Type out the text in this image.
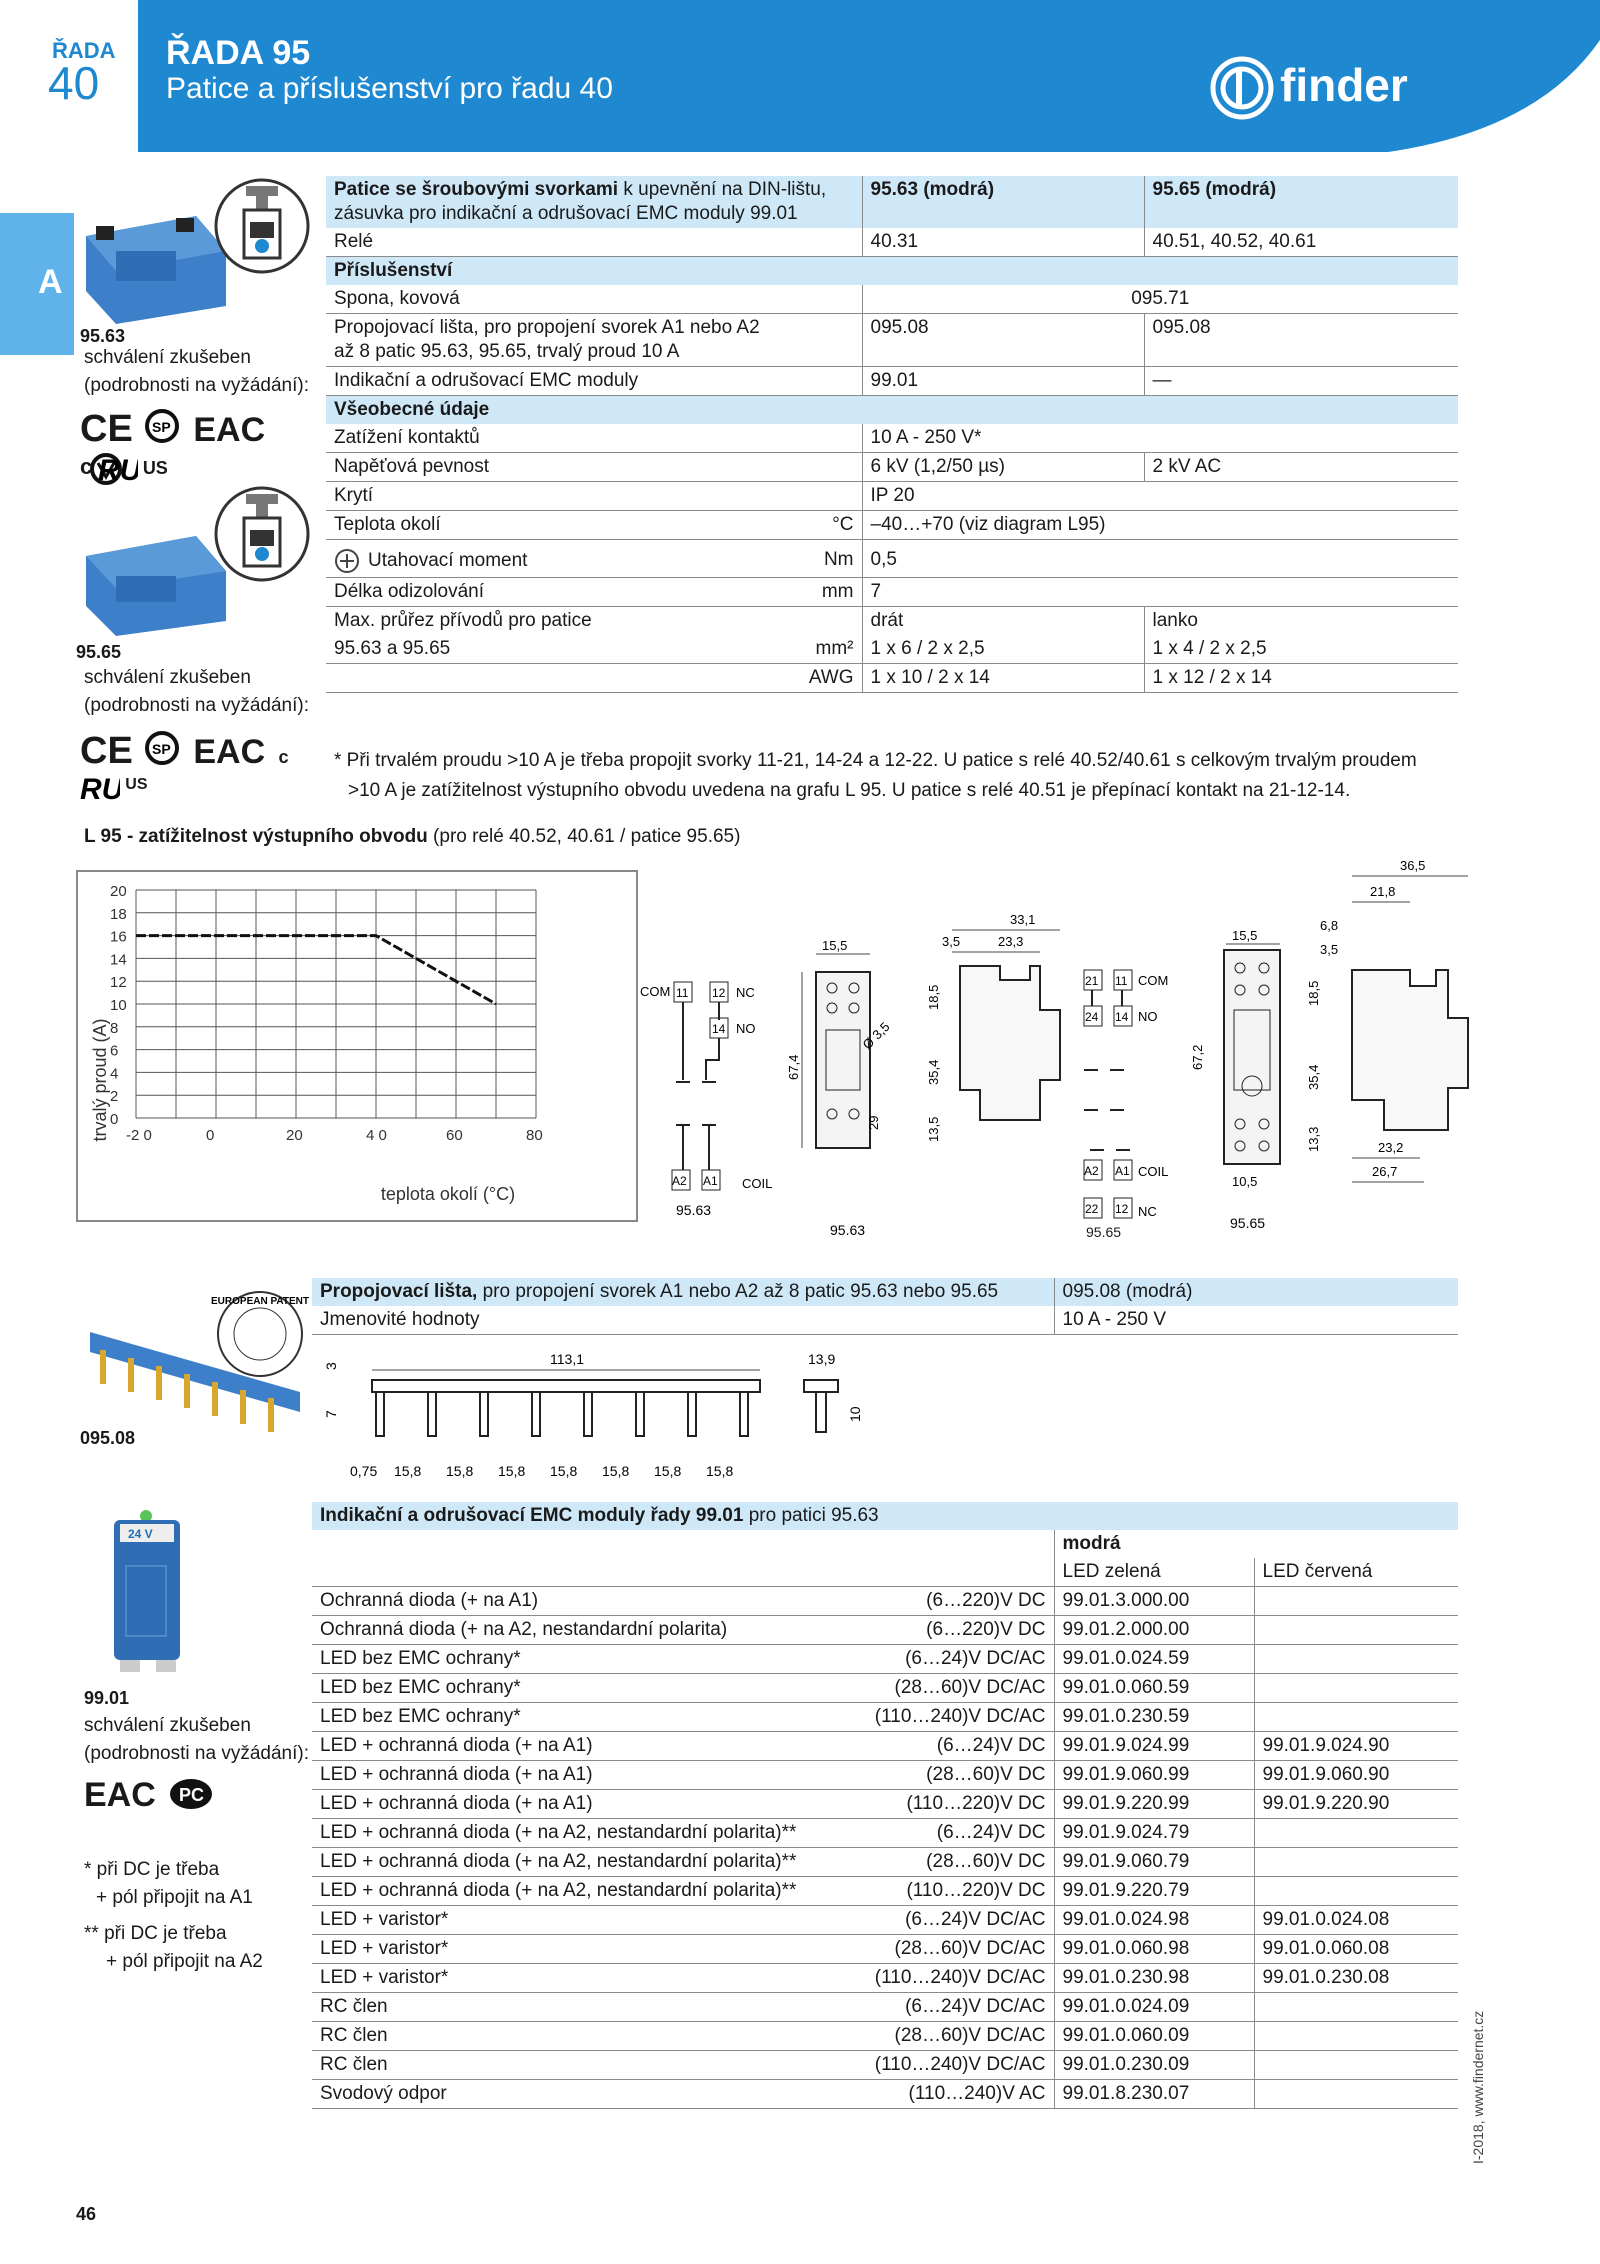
ŘADA
40
ŘADA 95
Patice a příslušenství pro řadu 40	finder
A
95.63
schválení zkušeben
(podrobnosti na vyžádání):
CE SP EAC
c RU US
95.65
schválení zkušeben
(podrobnosti na vyžádání):
CE SP EAC c
RU US
Patice se šroubovými svorkami k upevnění na DIN-lištu,
zásuvka pro indikační a odrušovací EMC moduly 99.01		95.63 (modrá)	95.65 (modrá)
Relé		40.31	40.51, 40.52, 40.61
Příslušenství			
Spona, kovová		095.71	
Propojovací lišta, pro propojení svorek A1 nebo A2
až 8 patic 95.63, 95.65, trvalý proud 10 A		095.08	095.08
Indikační a odrušovací EMC moduly		99.01	—
Všeobecné údaje			
Zatížení kontaktů		10 A - 250 V*	
Napěťová pevnost		6 kV (1,2/50 µs)	2 kV AC
Krytí		IP 20	
Teplota okolí	°C	–40…+70 (viz diagram L95)	
Utahovací moment	Nm	0,5	
Délka odizolování	mm	7	
Max. průřez přívodů pro patice		drát	lanko
95.63 a 95.65	mm²	1 x 6 / 2 x 2,5	1 x 4 / 2 x 2,5
	AWG	1 x 10 / 2 x 14	1 x 12 / 2 x 14
* Při trvalém proudu >10 A je třeba propojit svorky 11-21, 14-24 a 12-22. U patice s relé 40.52/40.61 s celkovým trvalým proudem
>10 A je zatížitelnost výstupního obvodu uvedena na grafu L 95. U patice s relé 40.51 je přepínací kontakt na 21-12-14.
L 95 - zatížitelnost výstupního obvodu (pro relé 40.52, 40.61 / patice 95.65)
0
2
4
6
8
10
12
14
16
18
20
-2 0	0	20	4 0	60	80
trvalý proud (A)
teplota okolí (°C)
COM 11 12 NC
14 NO
A2 A1 COIL
95.63
15,5
67,4
29
Ø 3,5
95.63
33,1
3,5	23,3
18,5
35,4
13,5
21 11 COM
24 14 NO
A2 A1 COIL
22 12 NC
95.65
15,5
67,2
10,5
95.65
36,5
21,8
6,8
3,5
18,5
35,4
13,3	23,2
26,7
EUROPEAN PATENT
095.08
Propojovací lišta, pro propojení svorek A1 nebo A2 až 8 patic 95.63 nebo 95.65	095.08 (modrá)
Jmenovité hodnoty	10 A - 250 V
113,1
3
7
13,9
10
0,75 15,8 15,8 15,8 15,8 15,8 15,8 15,8
24 V
99.01
schválení zkušeben
(podrobnosti na vyžádání):
EAC PC
* při DC je třeba
+ pól připojit na A1
** při DC je třeba
+ pól připojit na A2
Indikační a odrušovací EMC moduly řady 99.01 pro patici 95.63			
		modrá	
		LED zelená	LED červená
Ochranná dioda (+ na A1)	(6…220)V DC	99.01.3.000.00	
Ochranná dioda (+ na A2, nestandardní polarita)	(6…220)V DC	99.01.2.000.00	
LED bez EMC ochrany*	(6…24)V DC/AC	99.01.0.024.59	
LED bez EMC ochrany*	(28…60)V DC/AC	99.01.0.060.59	
LED bez EMC ochrany*	(110…240)V DC/AC	99.01.0.230.59	
LED + ochranná dioda (+ na A1)	(6…24)V DC	99.01.9.024.99	99.01.9.024.90
LED + ochranná dioda (+ na A1)	(28…60)V DC	99.01.9.060.99	99.01.9.060.90
LED + ochranná dioda (+ na A1)	(110…220)V DC	99.01.9.220.99	99.01.9.220.90
LED + ochranná dioda (+ na A2, nestandardní polarita)**	(6…24)V DC	99.01.9.024.79	
LED + ochranná dioda (+ na A2, nestandardní polarita)**	(28…60)V DC	99.01.9.060.79	
LED + ochranná dioda (+ na A2, nestandardní polarita)**	(110…220)V DC	99.01.9.220.79	
LED + varistor*	(6…24)V DC/AC	99.01.0.024.98	99.01.0.024.08
LED + varistor*	(28…60)V DC/AC	99.01.0.060.98	99.01.0.060.08
LED + varistor*	(110…240)V DC/AC	99.01.0.230.98	99.01.0.230.08
RC člen	(6…24)V DC/AC	99.01.0.024.09	
RC člen	(28…60)V DC/AC	99.01.0.060.09	
RC člen	(110…240)V DC/AC	99.01.0.230.09	
Svodový odpor	(110…240)V AC	99.01.8.230.07	
46
I-2018, www.findernet.cz
